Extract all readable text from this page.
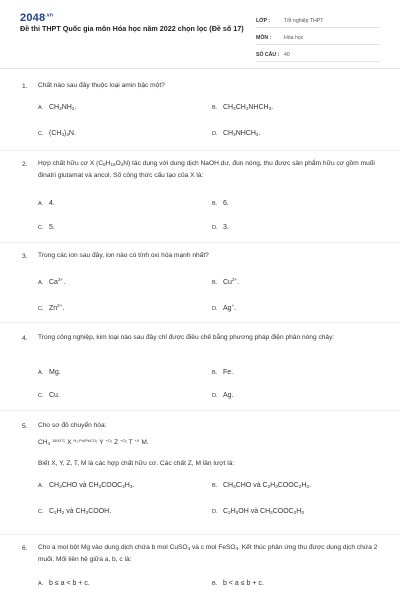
$2048^{.vn}$
Đề thi THPT Quốc gia môn Hóa học năm 2022 chọn lọc (Đề số 17)
LỚP :	Tốt nghiệp THPT
MÔN :	Hóa học
SỐ CÂU : 40
1. Chất nào sau đây thuộc loại amin bậc một?
A. $CH_3NH_2$.	B. $CH_3CH_2NHCH_3$.
C. $(CH_3)_3N$.	D. $CH_3NHCH_3$.
2. Hợp chất hữu cơ X $(C_8H_{15}O_4N)$ tác dụng với dung dịch NaOH dư, đun nóng, thu được sản phẩm hữu cơ gồm muối đinatri glutamat và ancol. Số công thức cấu tạo của X là:
A. 4.	B. 6.
C. 5.	D. 3.
3. Trong các ion sau đây, ion nào có tính oxi hóa mạnh nhất?
A. $Ca^{2+}$.	B. $Cu^{2+}$.
C. $Zn^{2+}$.	D. Ag+.
4. Trong công nghiệp, kim loại nào sau đây chỉ được điều chế bằng phương pháp điện phân nóng chảy:
A. Mg.	B. Fe.
C. Cu.	D. Ag.
5. Cho sơ đồ chuyển hóa:
$CH_4$ $^{1500^\circ C}$ X $^{H_2,Pd/PbCO_3}$ Y $^{+O_2}$ Z $^{+O_2}$ T $^{+X}$ M.
Biết X, Y, Z, T, M là các hợp chất hữu cơ. Các chất Z, M lần lượt là:
A. $CH_3CHO$ và $CH_3COOC_2H_3$.	B. $CH_3CHO$ và $C_2H_3COOC_2H_3$.
C. $C_2H_2$ và $CH_3COOH$.	D. $C_2H_5OH$ và $CH_3COOC_2H_3$
6. Cho a mol bột Mg vào dung dịch chứa b mol CuSO$_4$ và c mol FeSO$_4$. Kết thúc phản ứng thu được dung dịch chứa 2 muối. Mối liên hệ giữa a, b, c là:
A. b ≤ a < b + c.	B. b < a ≤ b + c.
